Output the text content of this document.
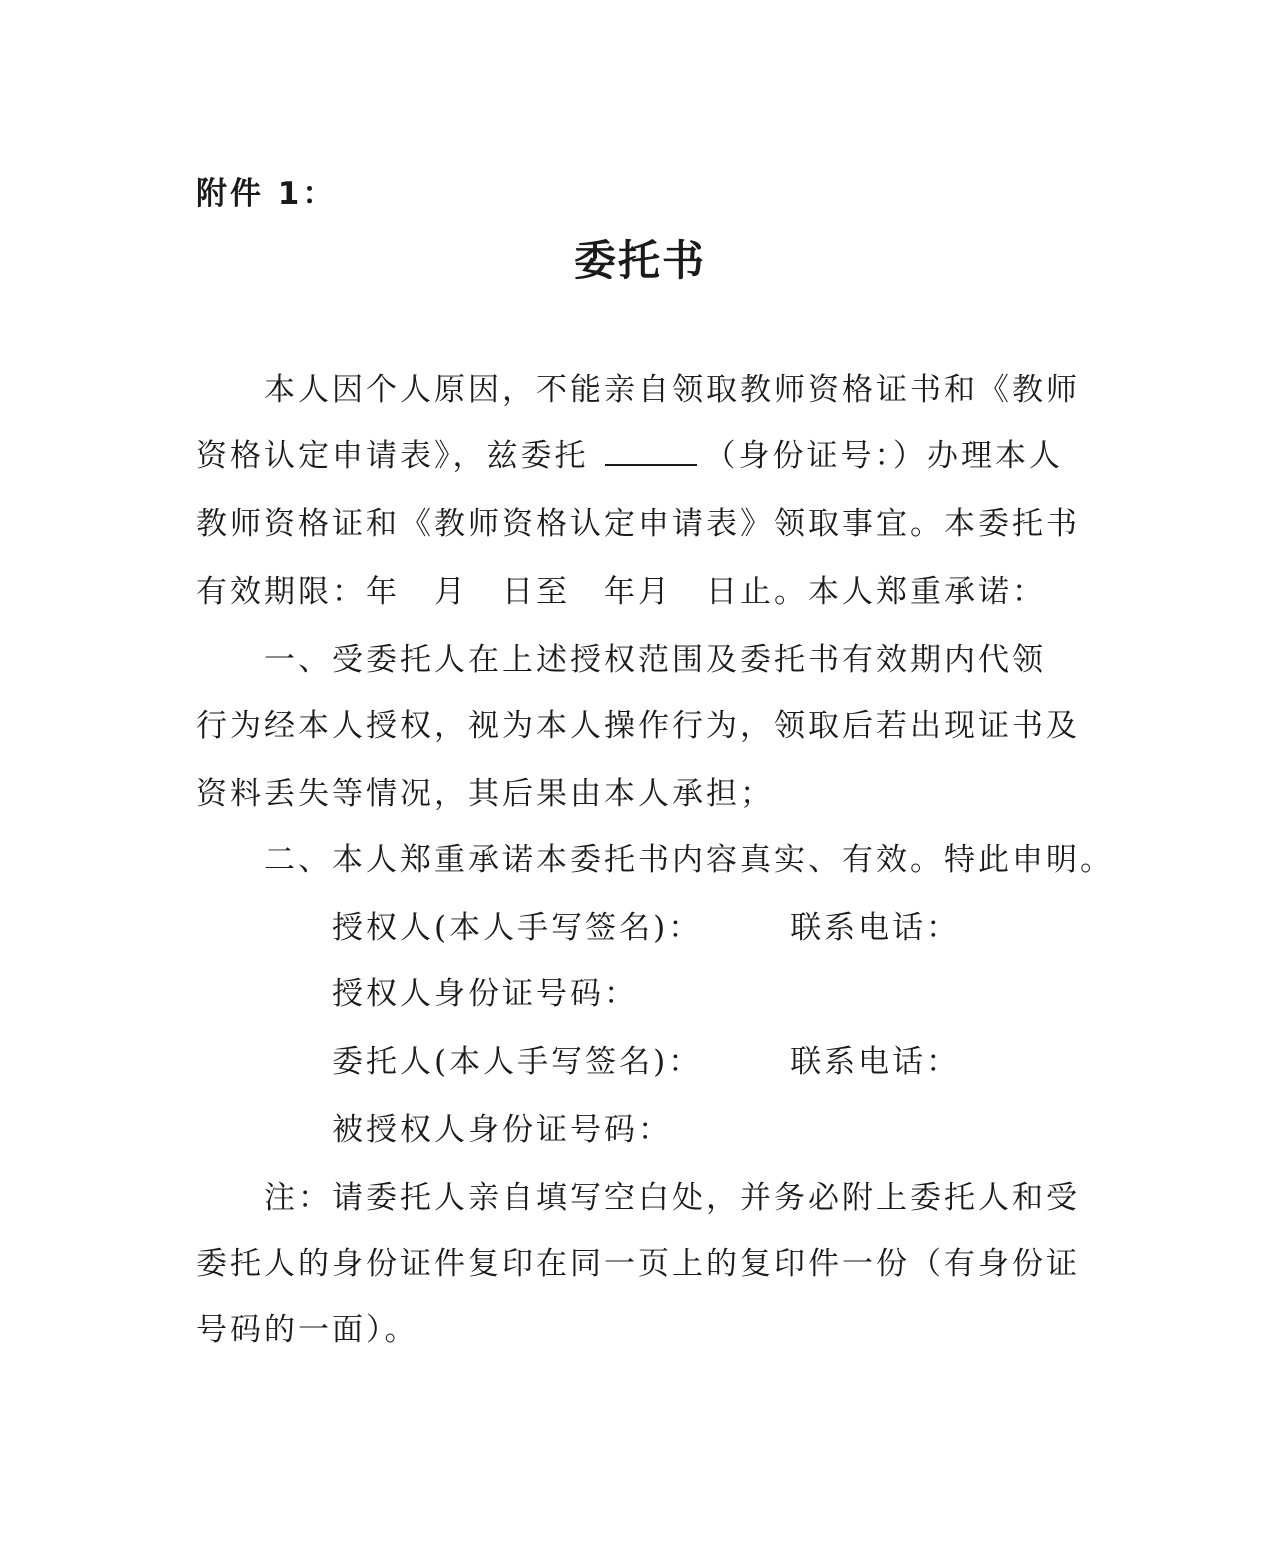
附件 1：
委托书
本人因个人原因，不能亲自领取教师资格证书和《教师
资格认定申请表》，兹委托	（身份证号：）办理本人
教师资格证和《教师资格认定申请表》领取事宜。本委托书
有效期限：年　月　日至　年月　日止。本人郑重承诺：
一、受委托人在上述授权范围及委托书有效期内代领
行为经本人授权，视为本人操作行为，领取后若出现证书及
资料丢失等情况，其后果由本人承担；
二、本人郑重承诺本委托书内容真实、有效。特此申明。
授权人(本人手写签名)：	联系电话：
授权人身份证号码：
委托人(本人手写签名)：	联系电话：
被授权人身份证号码：
注：请委托人亲自填写空白处，并务必附上委托人和受
委托人的身份证件复印在同一页上的复印件一份（有身份证
号码的一面）。
